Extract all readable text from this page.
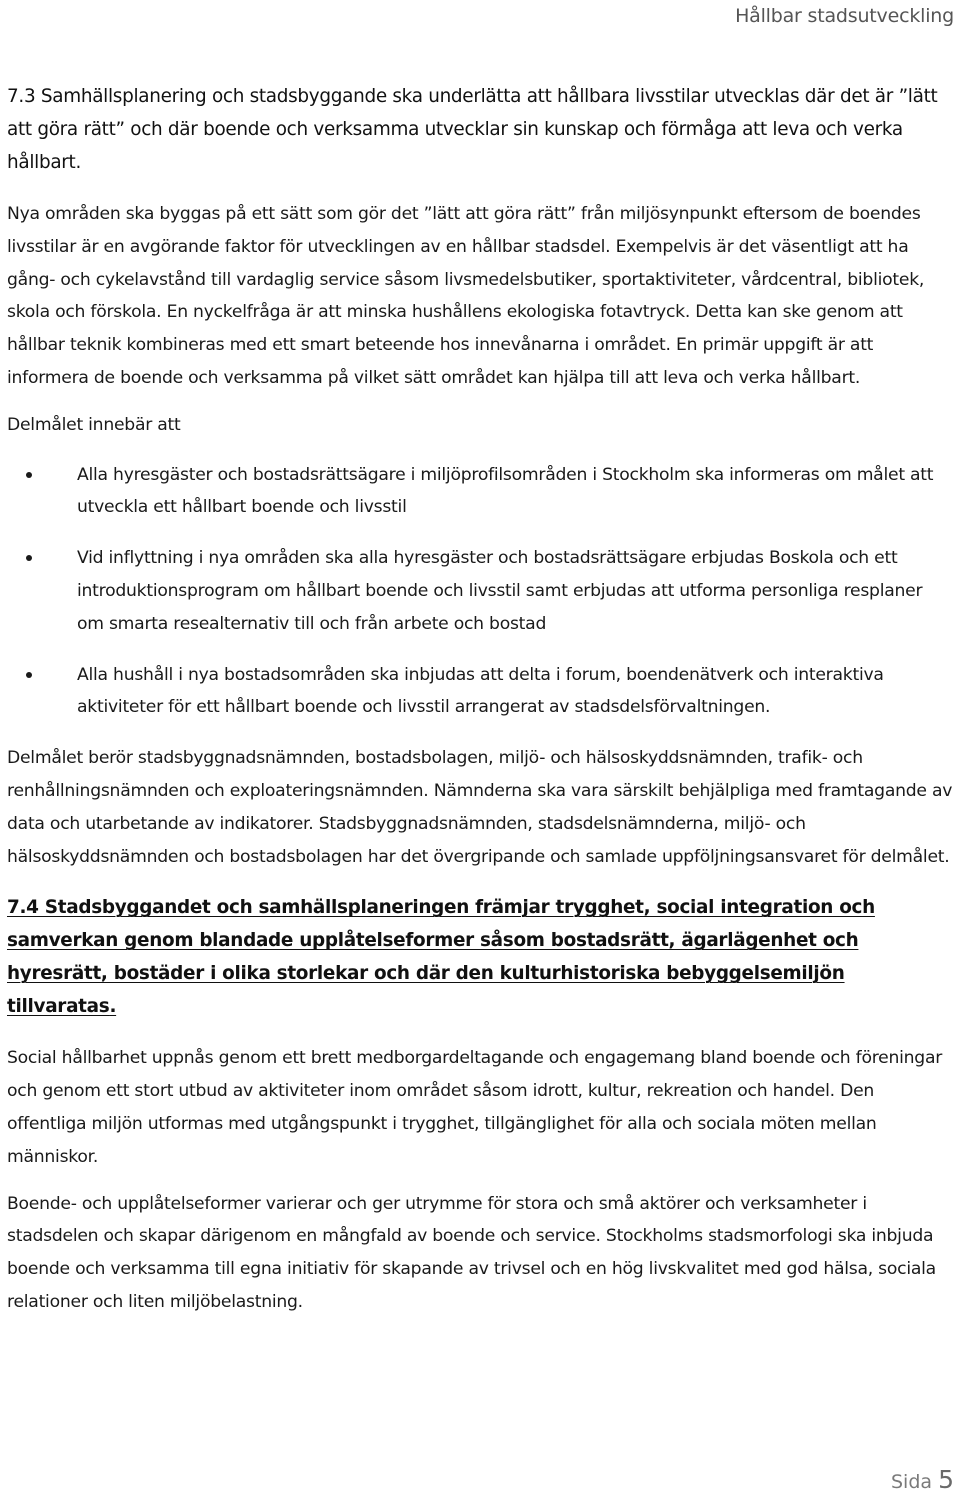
Hållbar stadsutveckling
7.3 Samhällsplanering och stadsbyggande ska underlätta att hållbara livsstilar utvecklas där det är ”lätt att göra rätt” och där boende och verksamma utvecklar sin kunskap och förmåga att leva och verka hållbart.

Nya områden ska byggas på ett sätt som gör det ”lätt att göra rätt” från miljösynpunkt eftersom de boendes livsstilar är en avgörande faktor för utvecklingen av en hållbar stadsdel. Exempelvis är det väsentligt att ha gång- och cykelavstånd till vardaglig service såsom livsmedelsbutiker, sportaktiviteter, vårdcentral, bibliotek, skola och förskola. En nyckelfråga är att minska hushållens ekologiska fotavtryck. Detta kan ske genom att hållbar teknik kombineras med ett smart beteende hos innevånarna i området. En primär uppgift är att informera de boende och verksamma på vilket sätt området kan hjälpa till att leva och verka hållbart.

Delmålet innebär att

Alla hyresgäster och bostadsrättsägare i miljöprofilsområden i Stockholm ska informeras om målet att utveckla ett hållbart boende och livsstil
Vid inflyttning i nya områden ska alla hyresgäster och bostadsrättsägare erbjudas Boskola och ett introduktionsprogram om hållbart boende och livsstil samt erbjudas att utforma personliga resplaner om smarta resealternativ till och från arbete och bostad
Alla hushåll i nya bostadsområden ska inbjudas att delta i forum, boendenätverk och interaktiva aktiviteter för ett hållbart boende och livsstil arrangerat av stadsdelsförvaltningen.

Delmålet berör stadsbyggnadsnämnden, bostadsbolagen, miljö- och hälsoskyddsnämnden, trafik- och renhållningsnämnden och exploateringsnämnden. Nämnderna ska vara särskilt behjälpliga med framtagande av data och utarbetande av indikatorer. Stadsbyggnadsnämnden, stadsdelsnämnderna, miljö- och hälsoskyddsnämnden och bostadsbolagen har det övergripande och samlade uppföljningsansvaret för delmålet.

7.4 Stadsbyggandet och samhällsplaneringen främjar trygghet, social integration och samverkan genom blandade upplåtelseformer såsom bostadsrätt, ägarlägenhet och hyresrätt, bostäder i olika storlekar och där den kulturhistoriska bebyggelsemiljön tillvaratas.

Social hållbarhet uppnås genom ett brett medborgardeltagande och engagemang bland boende och föreningar och genom ett stort utbud av aktiviteter inom området såsom idrott, kultur, rekreation och handel. Den offentliga miljön utformas med utgångspunkt i trygghet, tillgänglighet för alla och sociala möten mellan människor.

Boende- och upplåtelseformer varierar och ger utrymme för stora och små aktörer och verksamheter i stadsdelen och skapar därigenom en mångfald av boende och service. Stockholms stadsmorfologi ska inbjuda boende och verksamma till egna initiativ för skapande av trivsel och en hög livskvalitet med god hälsa, sociala relationer och liten miljöbelastning.

Sida 5
